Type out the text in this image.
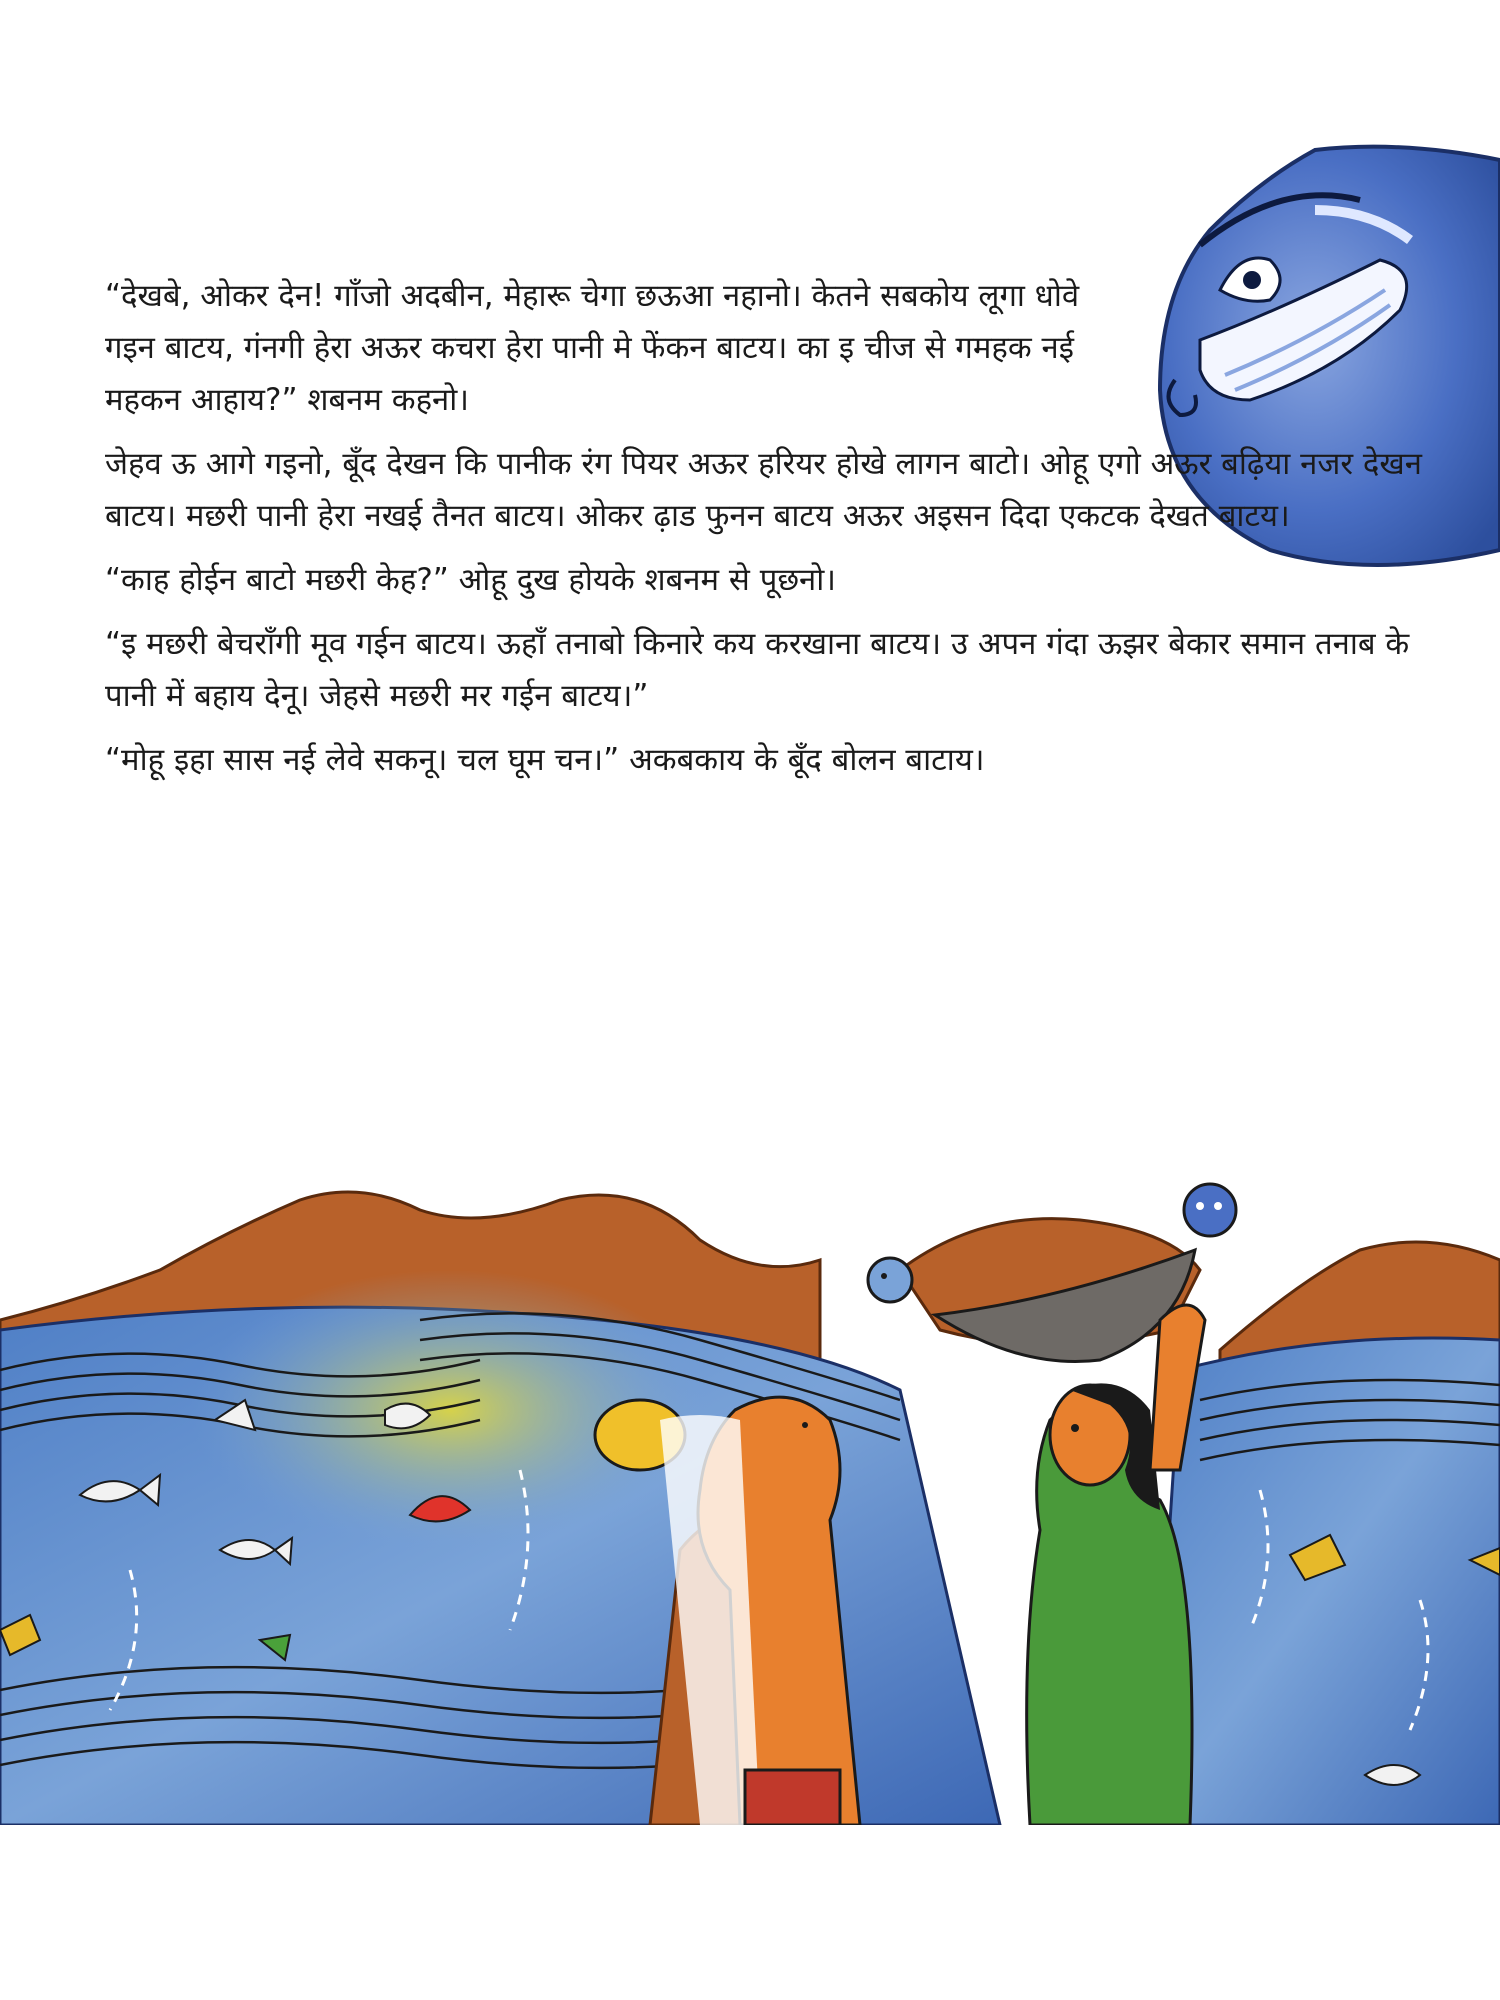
“देखबे, ओकर देन! गाँजो अदबीन, मेहारू चेगा छऊआ नहानो। केतने सबकोय लूगा धोवे गइन बाटय, गंनगी हेरा अऊर कचरा हेरा पानी मे फेंकन बाटय। का इ चीज से गमहक नई महकन आहाय?” शबनम कहनो।

जेहव ऊ आगे गइनो, बूँद देखन कि पानीक रंग पियर अऊर हरियर होखे लागन बाटो। ओहू एगो अऊर बढ़िया नजर देखन बाटय। मछरी पानी हेरा नखई तैनत बाटय। ओकर ढ़ाड फुनन बाटय अऊर अइसन दिदा एकटक देखत बाटय।

“काह होईन बाटो मछरी केह?” ओहू दुख होयके शबनम से पूछनो।

“इ मछरी बेचराँगी मूव गईन बाटय। ऊहाँ तनाबो किनारे कय करखाना बाटय। उ अपन गंदा ऊझर बेकार समान तनाब के पानी में बहाय देनू। जेहसे मछरी मर गईन बाटय।”

“मोहू इहा सास नई लेवे सकनू। चल घूम चन।” अकबकाय के बूँद बोलन बाटाय।
